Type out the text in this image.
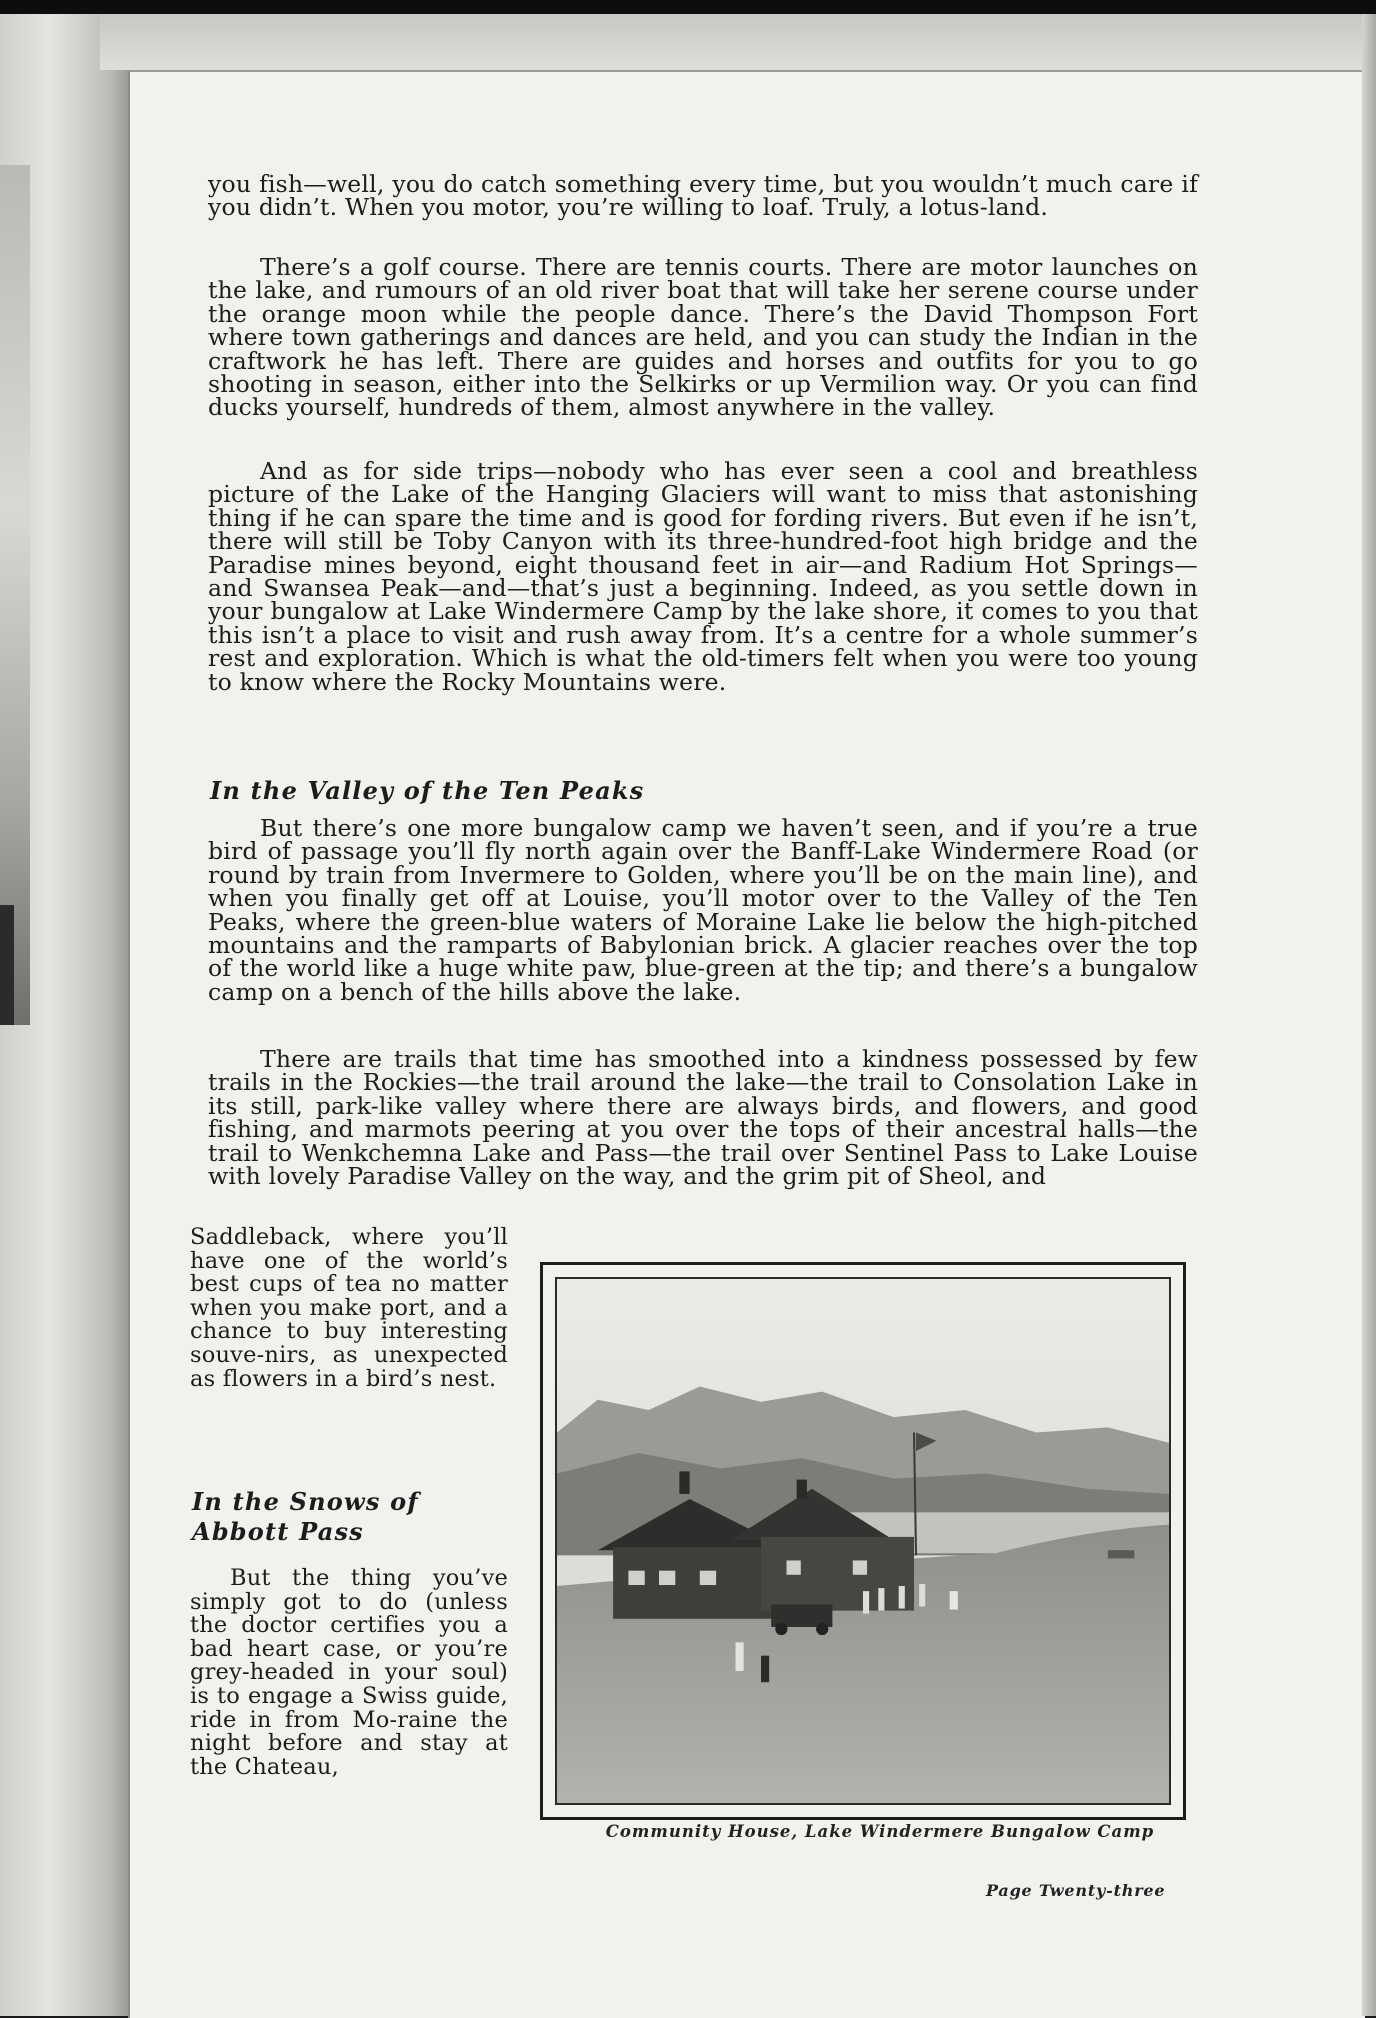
you fish—well, you do catch something every time, but you wouldn’t much care if you didn’t. When you motor, you’re willing to loaf. Truly, a lotus-land.

There’s a golf course. There are tennis courts. There are motor launches on the lake, and rumours of an old river boat that will take her serene course under the orange moon while the people dance. There’s the David Thompson Fort where town gatherings and dances are held, and you can study the Indian in the craftwork he has left. There are guides and horses and outfits for you to go shooting in season, either into the Selkirks or up Vermilion way. Or you can find ducks yourself, hundreds of them, almost anywhere in the valley.

And as for side trips—nobody who has ever seen a cool and breathless picture of the Lake of the Hanging Glaciers will want to miss that astonishing thing if he can spare the time and is good for fording rivers. But even if he isn’t, there will still be Toby Canyon with its three-hundred-foot high bridge and the Paradise mines beyond, eight thousand feet in air—and Radium Hot Springs—and Swansea Peak—and—that’s just a beginning. Indeed, as you settle down in your bungalow at Lake Windermere Camp by the lake shore, it comes to you that this isn’t a place to visit and rush away from. It’s a centre for a whole summer’s rest and exploration. Which is what the old-timers felt when you were too young to know where the Rocky Mountains were.

In the Valley of the Ten Peaks

But there’s one more bungalow camp we haven’t seen, and if you’re a true bird of passage you’ll fly north again over the Banff-Lake Windermere Road (or round by train from Invermere to Golden, where you’ll be on the main line), and when you finally get off at Louise, you’ll motor over to the Valley of the Ten Peaks, where the green-blue waters of Moraine Lake lie below the high-pitched mountains and the ramparts of Babylonian brick. A glacier reaches over the top of the world like a huge white paw, blue-green at the tip; and there’s a bungalow camp on a bench of the hills above the lake.

There are trails that time has smoothed into a kindness possessed by few trails in the Rockies—the trail around the lake—the trail to Consolation Lake in its still, park-like valley where there are always birds, and flowers, and good fishing, and marmots peering at you over the tops of their ancestral halls—the trail to Wenkchemna Lake and Pass—the trail over Sentinel Pass to Lake Louise with lovely Paradise Valley on the way, and the grim pit of Sheol, and

Saddleback, where you’ll have one of the world’s best cups of tea no matter when you make port, and a chance to buy interesting souve-nirs, as unexpected as flowers in a bird’s nest.

In the Snows of Abbott Pass

But the thing you’ve simply got to do (unless the doctor certifies you a bad heart case, or you’re grey-headed in your soul) is to engage a Swiss guide, ride in from Mo-raine the night before and stay at the Chateau,

Community House, Lake Windermere Bungalow Camp

Page Twenty-three
